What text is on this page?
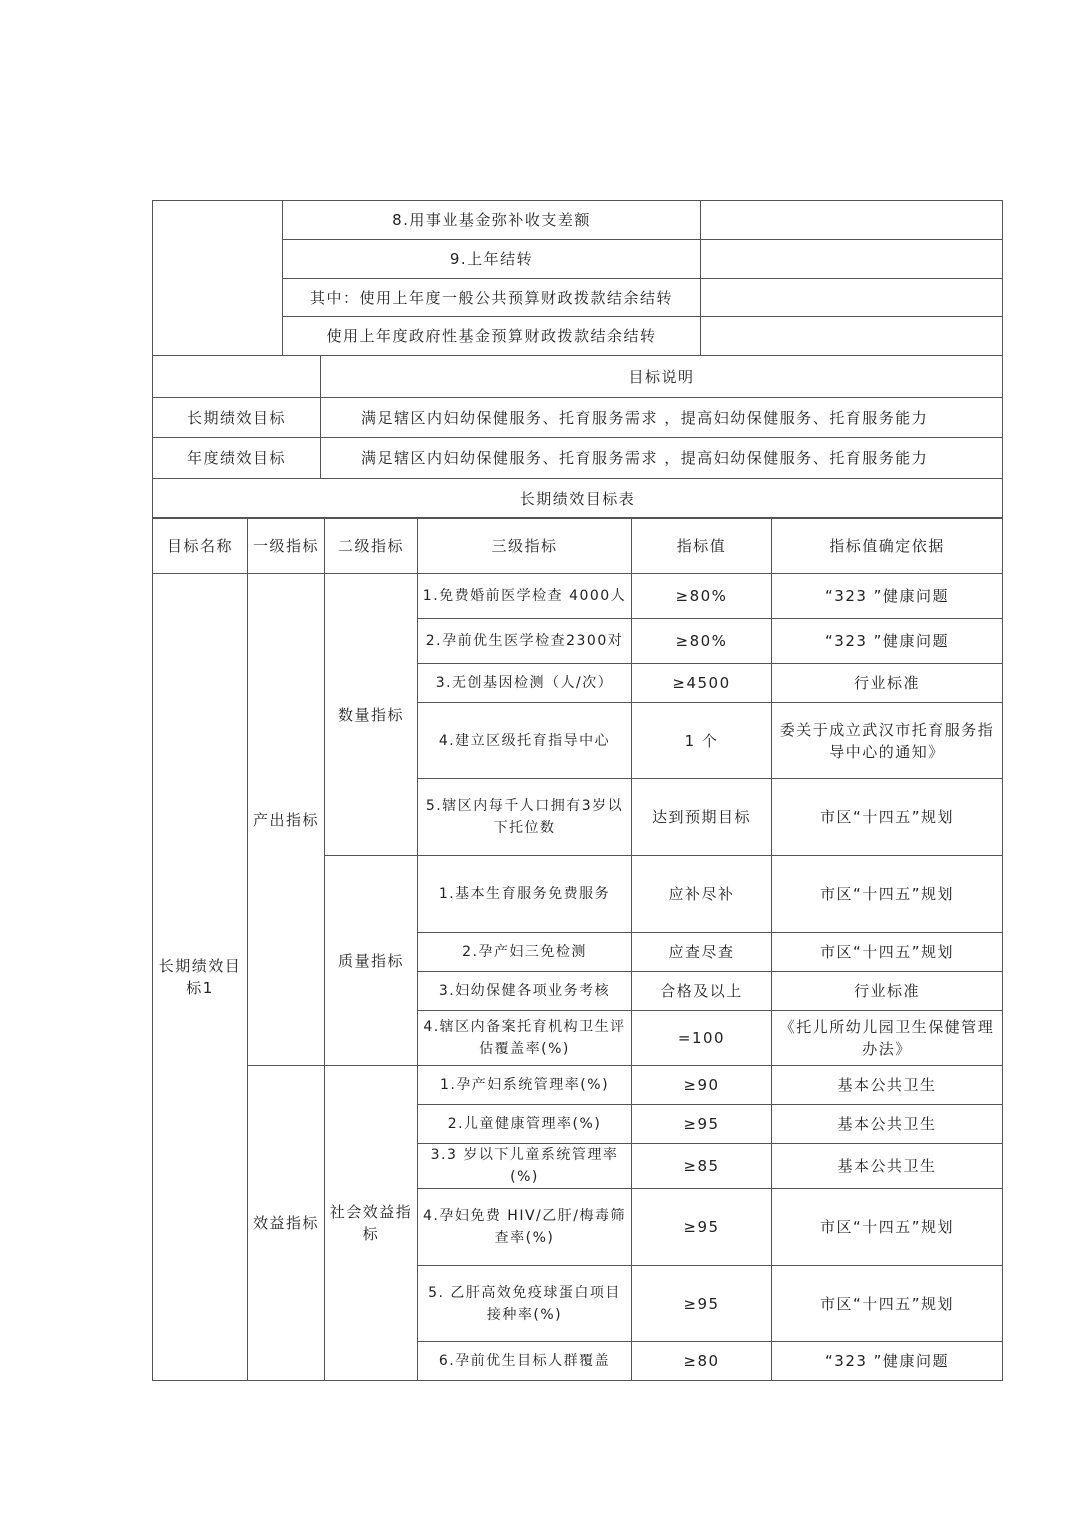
	8.用事业基金弥补收支差额	
	9.上年结转	
	其中：使用上年度一般公共预算财政拨款结余结转	
	使用上年度政府性基金预算财政拨款结余结转	
	目标说明
长期绩效目标	满足辖区内妇幼保健服务、托育服务需求 ，提高妇幼保健服务、托育服务能力
年度绩效目标	满足辖区内妇幼保健服务、托育服务需求 ，提高妇幼保健服务、托育服务能力
长期绩效目标表	
目标名称	一级指标	二级指标	三级指标	指标值	指标值确定依据
长期绩效目标1	产出指标	数量指标	1.免费婚前医学检查 4000人	≥80%	“323 ”健康问题
			2.孕前优生医学检查2300对	≥80%	“323 ”健康问题
			3.无创基因检测（人/次）	≥4500	行业标准
			4.建立区级托育指导中心	1 个	委关于成立武汉市托育服务指导中心的通知》
			5.辖区内每千人口拥有3岁以下托位数	达到预期目标	市区“十四五”规划
		质量指标	1.基本生育服务免费服务	应补尽补	市区“十四五”规划
			2.孕产妇三免检测	应查尽查	市区“十四五”规划
			3.妇幼保健各项业务考核	合格及以上	行业标准
			4.辖区内备案托育机构卫生评估覆盖率(%)	=100	《托儿所幼儿园卫生保健管理办法》
	效益指标	社会效益指标	1.孕产妇系统管理率(%)	≥90	基本公共卫生
			2.儿童健康管理率(%)	≥95	基本公共卫生
			3.3 岁以下儿童系统管理率(%)	≥85	基本公共卫生
			4.孕妇免费 HIV/乙肝/梅毒筛查率(%)	≥95	市区“十四五”规划
			5. 乙肝高效免疫球蛋白项目接种率(%)	≥95	市区“十四五”规划
			6.孕前优生目标人群覆盖	≥80	“323 ”健康问题
